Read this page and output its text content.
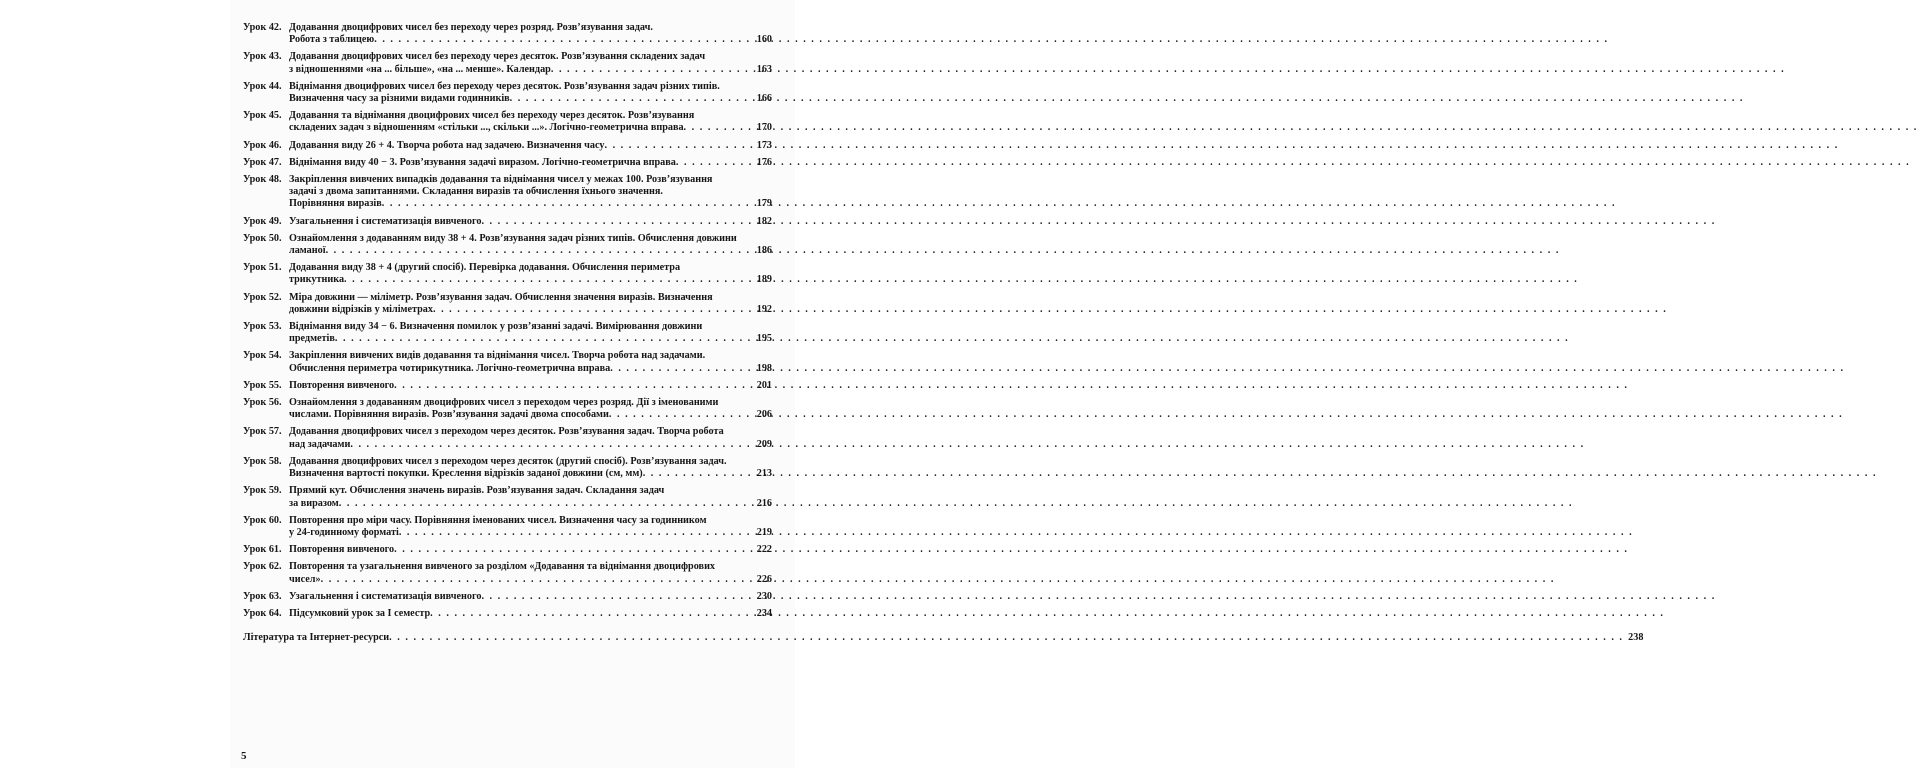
Урок 42. Додавання двоцифрових чисел без переходу через розряд. Розв’язування задач.
Робота з таблицею . . .	160
Урок 43. Додавання двоцифрових чисел без переходу через десяток. Розв’язування складених задач
з відношеннями «на ... більше», «на ... менше». Календар . . .	163
Урок 44. Віднімання двоцифрових чисел без переходу через десяток. Розв’язування задач різних типів.
Визначення часу за різними видами годинників . . .	166
Урок 45. Додавання та віднімання двоцифрових чисел без переходу через десяток. Розв’язування
складених задач з відношенням «стільки ..., скільки ...». Логічно-геометрична вправа . . .	170
Урок 46. Додавання виду 26 + 4. Творча робота над задачею. Визначення часу . . .	173
Урок 47. Віднімання виду 40 − 3. Розв’язування задачі виразом. Логічно-геометрична вправа . . .	176
Урок 48. Закріплення вивчених випадків додавання та віднімання чисел у межах 100. Розв’язування
задачі з двома запитаннями. Складання виразів та обчислення їхнього значення.
Порівняння виразів . . .	179
Урок 49. Узагальнення і систематизація вивченого . . .	182
Урок 50. Ознайомлення з додаванням виду 38 + 4. Розв’язування задач різних типів. Обчислення довжини
ламаної . . .	186
Урок 51. Додавання виду 38 + 4 (другий спосіб). Перевірка додавання. Обчислення периметра
трикутника . . .	189
Урок 52. Міра довжини — міліметр. Розв’язування задач. Обчислення значення виразів. Визначення
довжини відрізків у міліметрах . . .	192
Урок 53. Віднімання виду 34 − 6. Визначення помилок у розв’язанні задачі. Вимірювання довжини
предметів . . .	195
Урок 54. Закріплення вивчених видів додавання та віднімання чисел. Творча робота над задачами.
Обчислення периметра чотирикутника. Логічно-геометрична вправа . . .	198
Урок 55. Повторення вивченого . . .	201
Урок 56. Ознайомлення з додаванням двоцифрових чисел з переходом через розряд. Дії з іменованими
числами. Порівняння виразів. Розв’язування задачі двома способами . . .	206
Урок 57. Додавання двоцифрових чисел з переходом через десяток. Розв’язування задач. Творча робота
над задачами . . .	209
Урок 58. Додавання двоцифрових чисел з переходом через десяток (другий спосіб). Розв’язування задач.
Визначення вартості покупки. Креслення відрізків заданої довжини (см, мм) . . .	213
Урок 59. Прямий кут. Обчислення значень виразів. Розв’язування задач. Складання задач
за виразом . . .	216
Урок 60. Повторення про міри часу. Порівняння іменованих чисел. Визначення часу за годинником
у 24-годинному форматі . . .	219
Урок 61. Повторення вивченого . . .	222
Урок 62. Повторення та узагальнення вивченого за розділом «Додавання та віднімання двоцифрових
чисел» . . .	226
Урок 63. Узагальнення і систематизація вивченого . . .	230
Урок 64. Підсумковий урок за I семестр . . .	234
Література та Інтернет-ресурси . . .	238
5
